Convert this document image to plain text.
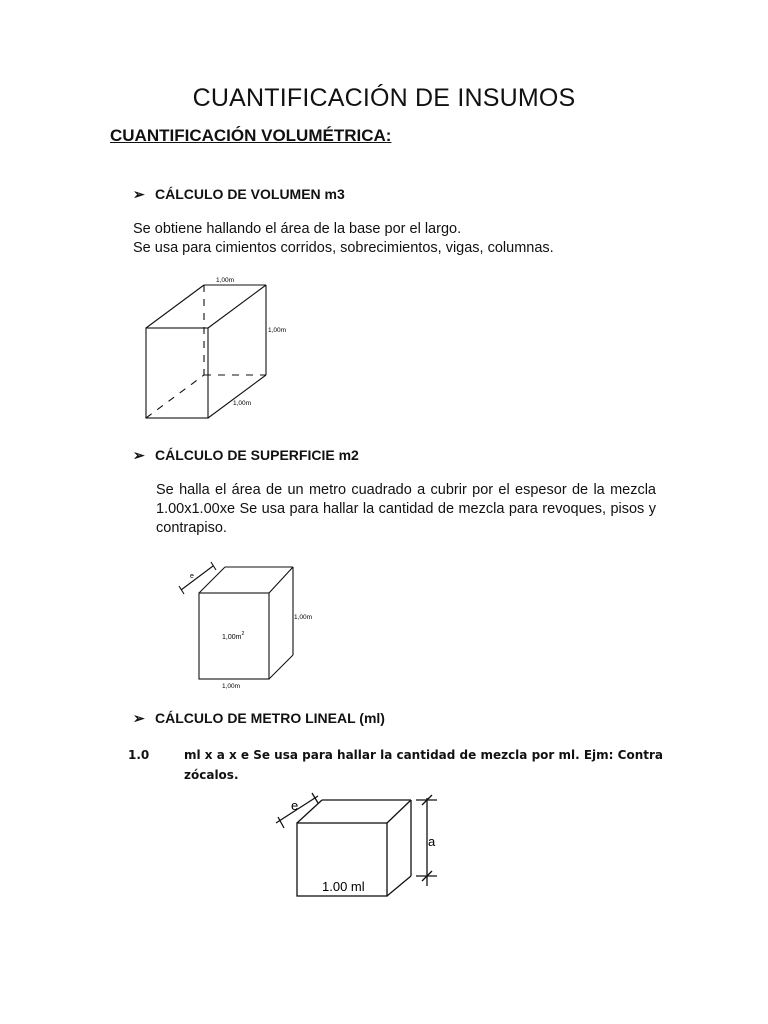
CUANTIFICACIÓN DE INSUMOS
CUANTIFICACIÓN VOLUMÉTRICA:
➢ CÁLCULO DE VOLUMEN m3
Se obtiene hallando el área de la base por el largo.
Se usa para cimientos corridos, sobrecimientos, vigas, columnas.
1,00m
1,00m
1,00m
e
$1,00m^2$
1,00m
1,00m
e
a
1.00 ml
➢ CÁLCULO DE SUPERFICIE m2
Se halla el área de un metro cuadrado a cubrir por el espesor de la mezcla 1.00x1.00xe Se usa para hallar la cantidad de mezcla para revoques, pisos y contrapiso.
➢ CÁLCULO DE METRO LINEAL (ml)
1.0	ml x a x e Se usa para hallar la cantidad de mezcla por ml. Ejm: Contra zócalos.
